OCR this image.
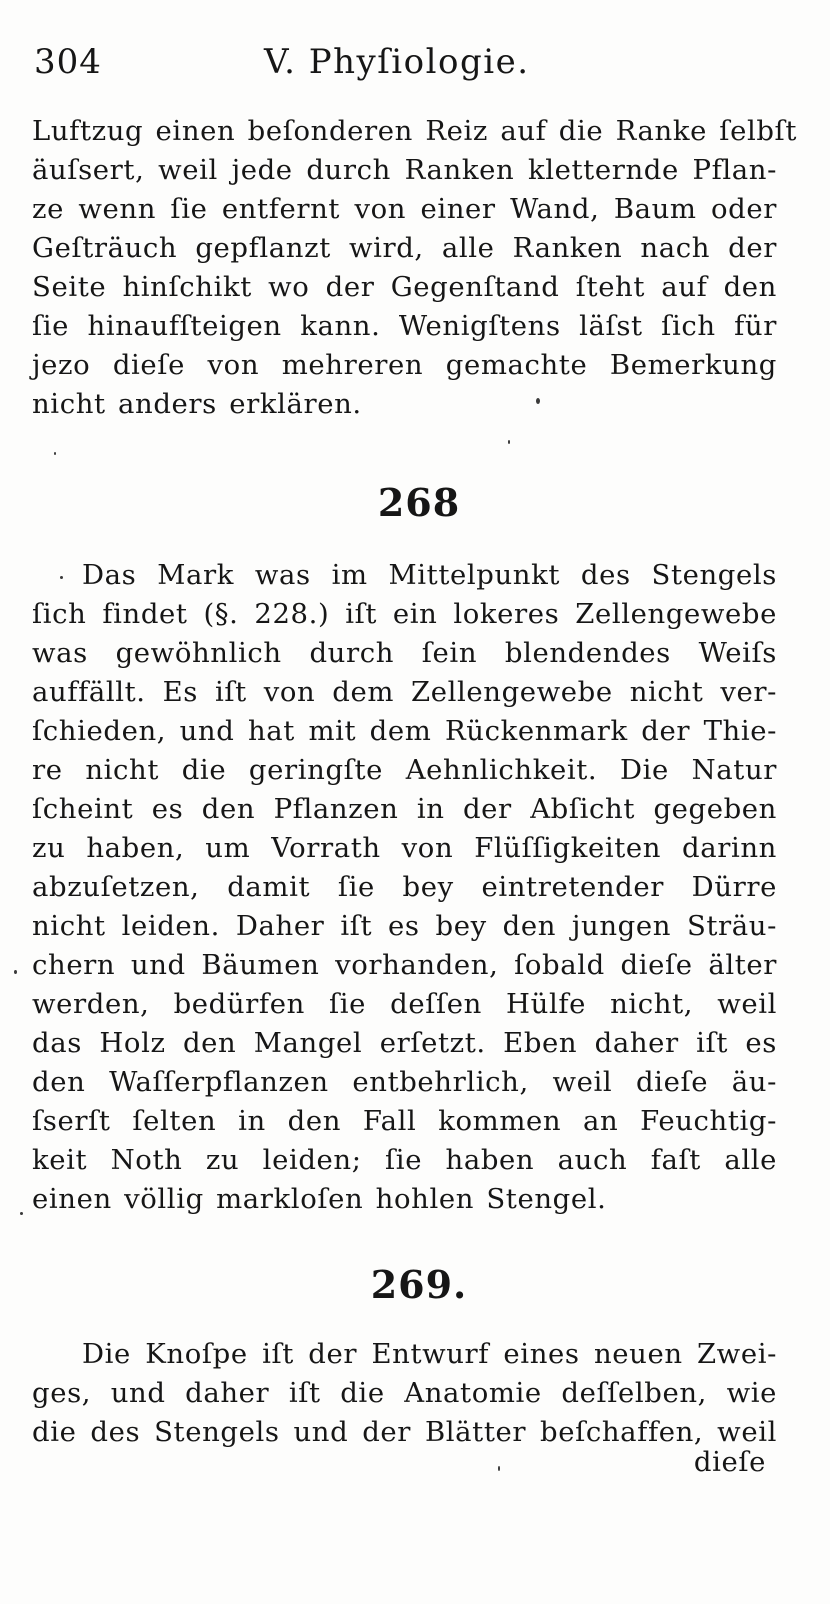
304	V. Phyſiologie.
Luftzug einen beſonderen Reiz auf die Ranke ſelbſt
äuſsert, weil jede durch Ranken kletternde Pflan-
ze wenn ſie entfernt von einer Wand, Baum oder
Geſträuch gepflanzt wird, alle Ranken nach der
Seite hinſchikt wo der Gegenſtand ſteht auf den
ſie hinaufſteigen kann. Wenigſtens läſst ſich für
jezo dieſe von mehreren gemachte Bemerkung
nicht anders erklären.
268
Das Mark was im Mittelpunkt des Stengels
ſich findet (§. 228.) iſt ein lokeres Zellengewebe
was gewöhnlich durch ſein blendendes Weiſs
auffällt. Es iſt von dem Zellengewebe nicht ver-
ſchieden, und hat mit dem Rückenmark der Thie-
re nicht die geringſte Aehnlichkeit. Die Natur
ſcheint es den Pflanzen in der Abſicht gegeben
zu haben, um Vorrath von Flüſſigkeiten darinn
abzuſetzen, damit ſie bey eintretender Dürre
nicht leiden. Daher iſt es bey den jungen Sträu-
chern und Bäumen vorhanden, ſobald dieſe älter
werden, bedürfen ſie deſſen Hülfe nicht, weil
das Holz den Mangel erſetzt. Eben daher iſt es
den Waſſerpflanzen entbehrlich, weil dieſe äu-
ſserſt ſelten in den Fall kommen an Feuchtig-
keit Noth zu leiden; ſie haben auch faſt alle
einen völlig markloſen hohlen Stengel.
269.
Die Knoſpe iſt der Entwurf eines neuen Zwei-
ges, und daher iſt die Anatomie deſſelben, wie
die des Stengels und der Blätter beſchaffen, weil
dieſe
